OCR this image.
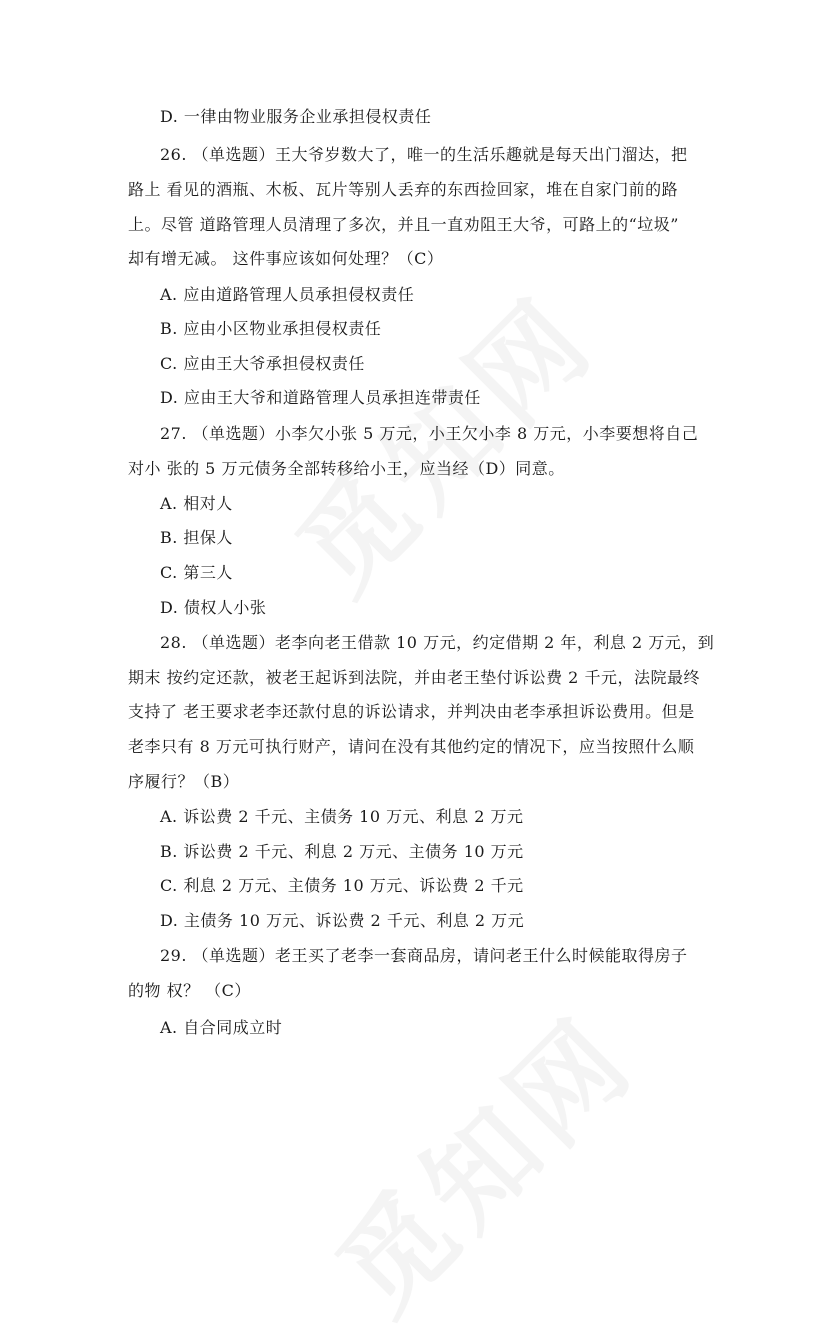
D. 一律由物业服务企业承担侵权责任
26. （单选题）王大爷岁数大了，唯一的生活乐趣就是每天出门溜达，把
路上 看见的酒瓶、木板、瓦片等别人丢弃的东西捡回家，堆在自家门前的路
上。尽管 道路管理人员清理了多次，并且一直劝阻王大爷，可路上的“垃圾”
却有增无减。 这件事应该如何处理？（C）
A. 应由道路管理人员承担侵权责任
B. 应由小区物业承担侵权责任
C. 应由王大爷承担侵权责任
D. 应由王大爷和道路管理人员承担连带责任
27. （单选题）小李欠小张 5 万元，小王欠小李 8 万元，小李要想将自己
对小 张的 5 万元债务全部转移给小王，应当经（D）同意。
A. 相对人
B. 担保人
C. 第三人
D. 债权人小张
28. （单选题）老李向老王借款 10 万元，约定借期 2 年，利息 2 万元，到
期末 按约定还款，被老王起诉到法院，并由老王垫付诉讼费 2 千元，法院最终
支持了 老王要求老李还款付息的诉讼请求，并判决由老李承担诉讼费用。但是
老李只有 8 万元可执行财产，请问在没有其他约定的情况下，应当按照什么顺
序履行？（B）
A. 诉讼费 2 千元、主债务 10 万元、利息 2 万元
B. 诉讼费 2 千元、利息 2 万元、主债务 10 万元
C. 利息 2 万元、主债务 10 万元、诉讼费 2 千元
D. 主债务 10 万元、诉讼费 2 千元、利息 2 万元
29. （单选题）老王买了老李一套商品房，请问老王什么时候能取得房子
的物 权？ （C）
A. 自合同成立时
